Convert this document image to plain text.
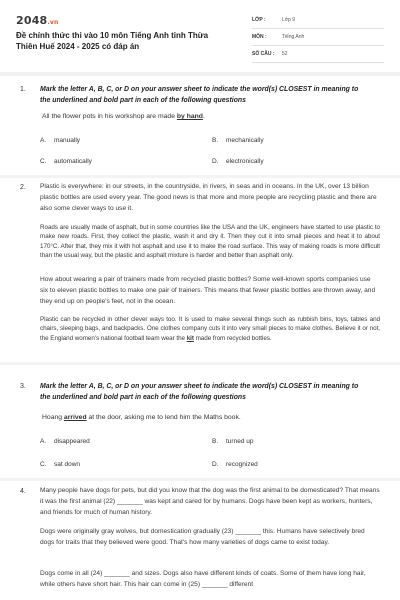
2048.vn
Đề chính thức thi vào 10 môn Tiếng Anh tỉnh Thừa Thiên Huế 2024 - 2025 có đáp án
LỚP :	Lớp 9
MÔN :	Tiếng Anh
SỐ CÂU :	52
1. Mark the letter A, B, C, or D on your answer sheet to indicate the word(s) CLOSEST in meaning to the underlined and bold part in each of the following questions
All the flower pots in his workshop are made by hand.
A. manually	B. mechanically
C. automatically	D. electronically
2. Plastic is everywhere: in our streets, in the countryside, in rivers, in seas and in oceans. In the UK, over 13 billion plastic bottles are used every year. The good news is that more and more people are recycling plastic and there are also some clever ways to use it.
Roads are usually made of asphalt, but in some countries like the USA and the UK, engineers have started to use plastic to make new roads. First, they collect the plastic, wash it and dry it. Then they cut it into small pieces and heat it to about 170°C. After that, they mix it with hot asphalt and use it to make the road surface. This way of making roads is more difficult than the usual way, but the plastic and asphalt mixture is harder and better than asphalt only.
How about wearing a pair of trainers made from recycled plastic bottles? Some well-known sports companies use six to eleven plastic bottles to make one pair of trainers. This means that fewer plastic bottles are thrown away, and they end up on people's feet, not in the ocean.
Plastic can be recycled in other clever ways too. It is used to make several things such as rubbish bins, toys, tables and chairs, sleeping bags, and backpacks. One clothes company cuts it into very small pieces to make clothes. Believe it or not, the England women's national football team wear the kit made from recycled bottles.
3. Mark the letter A, B, C, or D on your answer sheet to indicate the word(s) CLOSEST in meaning to the underlined and bold part in each of the following questions
Hoang arrived at the door, asking me to lend him the Maths book.
A. disappeared	B. turned up
C. sat down	D. recognized
4. Many people have dogs for pets, but did you know that the dog was the first animal to be domesticated? That means it was the first animal (22) _______ was kept and cared for by humans. Dogs have been kept as workers, hunters, and friends for much of human history.
Dogs were originally gray wolves, but domestication gradually (23) _______ this. Humans have selectively bred dogs for traits that they believed were good. That's how many varieties of dogs came to exist today.
Dogs come in all (24) _______ and sizes. Dogs also have different kinds of coats. Some of them have long hair, while others have short hair. This hair can come in (25) _______ different
